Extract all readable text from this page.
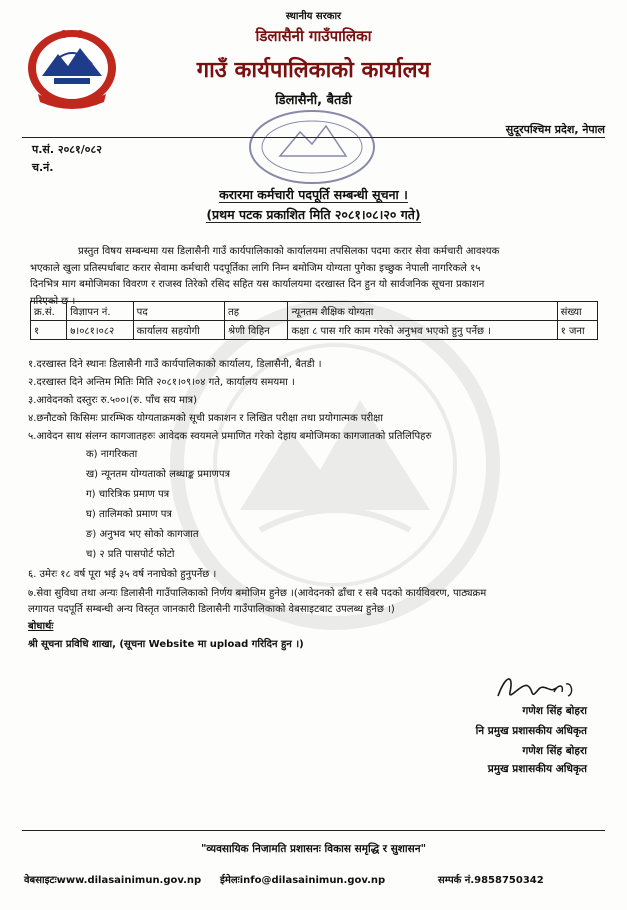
स्थानीय सरकार
डिलासैनी गाउँपालिका
गाउँ कार्यपालिकाको कार्यालय
डिलासैनी, बैतडी
सुदूरपश्चिम प्रदेश, नेपाल
प.सं. २०८१/०८२
च.नं.
करारमा कर्मचारी पदपूर्ति सम्बन्धी सूचना ।
(प्रथम पटक प्रकाशित मिति २०८१।०८।२० गते)
प्रस्तुत विषय सम्बन्धमा यस डिलासैनी गाउँ कार्यपालिकाको कार्यालयमा तपसिलका पदमा करार सेवा कर्मचारी आवश्यक
भएकाले खुला प्रतिस्पर्धाबाट करार सेवामा कर्मचारी पदपूर्तिका लागि निम्न बमोजिम योग्यता पुगेका इच्छुक नेपाली नागरिकले १५
दिनभित्र माग बमोजिमका विवरण र राजस्व तिरेको रसिद सहित यस कार्यालयमा दरखास्त दिन हुन यो सार्वजनिक सूचना प्रकाशन
गरिएको छ ।
क्र.सं.	विज्ञापन नं.	पद	तह	न्यूनतम शैक्षिक योग्यता	संख्या
१	७।०८१।०८२	कार्यालय सहयोगी	श्रेणी विहिन	कक्षा ८ पास गरि काम गरेको अनुभव भएको हुनु पर्नेछ ।	१ जना
१.दरखास्त दिने स्थानः डिलासैनी गाउँ कार्यपालिकाको कार्यालय, डिलासैनी, बैतडी ।
२.दरखास्त दिने अन्तिम मितिः मिति २०८१।०९।०४ गते, कार्यालय समयमा ।
३.आवेदनको दस्तुरः रु.५००।(रु. पाँच सय मात्र)
४.छनौटको किसिमः प्रारम्भिक योग्यताक्रमको सूची प्रकाशन र लिखित परीक्षा तथा प्रयोगात्मक परीक्षा
५.आवेदन साथ संलग्न कागजातहरुः आवेदक स्वयमले प्रमाणित गरेको देहाय बमोजिमका कागजातको प्रतिलिपिहरु
क) नागरिकता
ख) न्यूनतम योग्यताको लब्धाङ्क प्रमाणपत्र
ग) चारित्रिक प्रमाण पत्र
घ) तालिमको प्रमाण पत्र
ङ) अनुभव भए सोको कागजात
च) २ प्रति पासपोर्ट फोटो
६. उमेरः १८ वर्ष पूरा भई ३५ वर्ष ननाघेको हुनुपर्नेछ ।
७.सेवा सुविधा तथा अन्यः डिलासैनी गाउँपालिकाको निर्णय बमोजिम हुनेछ ।(आवेदनको ढाँचा र सबै पदको कार्यविवरण, पाठ्यक्रम
लगायत पदपूर्ति सम्बन्धी अन्य विस्तृत जानकारी डिलासैनी गाउँपालिकाको वेबसाइटबाट उपलब्ध हुनेछ ।)
बोधार्थः
श्री सूचना प्रविधि शाखा, (सूचना Website मा upload गरिदिन हुन ।)
गणेश सिंह बोहरा
नि प्रमुख प्रशासकीय अधिकृत
गणेश सिंह बोहरा
प्रमुख प्रशासकीय अधिकृत
"व्यवसायिक निजामति प्रशासनः विकास समृद्धि र सुशासन"
वेबसाइटःwww.dilasainimun.gov.np ईमेलःinfo@dilasainimun.gov.np	सम्पर्क नं.9858750342
